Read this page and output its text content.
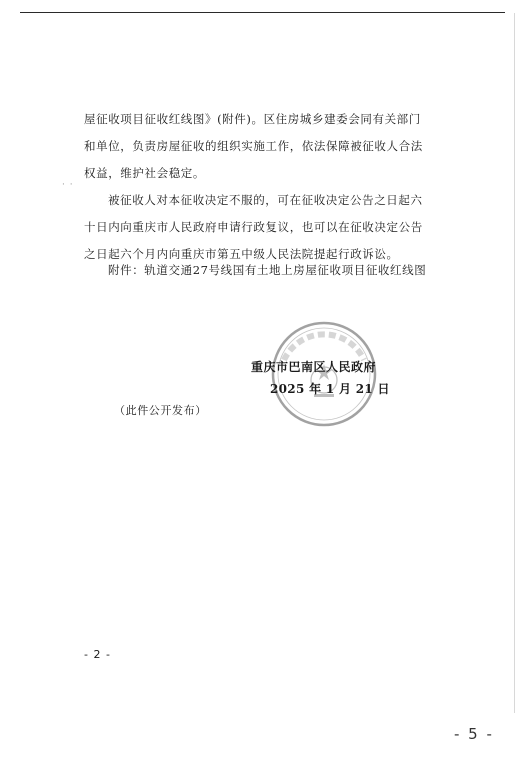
· ·
屋征收项目征收红线图》(附件)。区住房城乡建委会同有关部门
和单位，负责房屋征收的组织实施工作，依法保障被征收人合法
权益，维护社会稳定。
被征收人对本征收决定不服的，可在征收决定公告之日起六
十日内向重庆市人民政府申请行政复议，也可以在征收决定公告
之日起六个月内向重庆市第五中级人民法院提起行政诉讼。
附件：轨道交通27号线国有土地上房屋征收项目征收红线图
重庆市巴南区人民政府
2025 年 1 月 21 日
（此件公开发布）
- 2 -
- 5 -
